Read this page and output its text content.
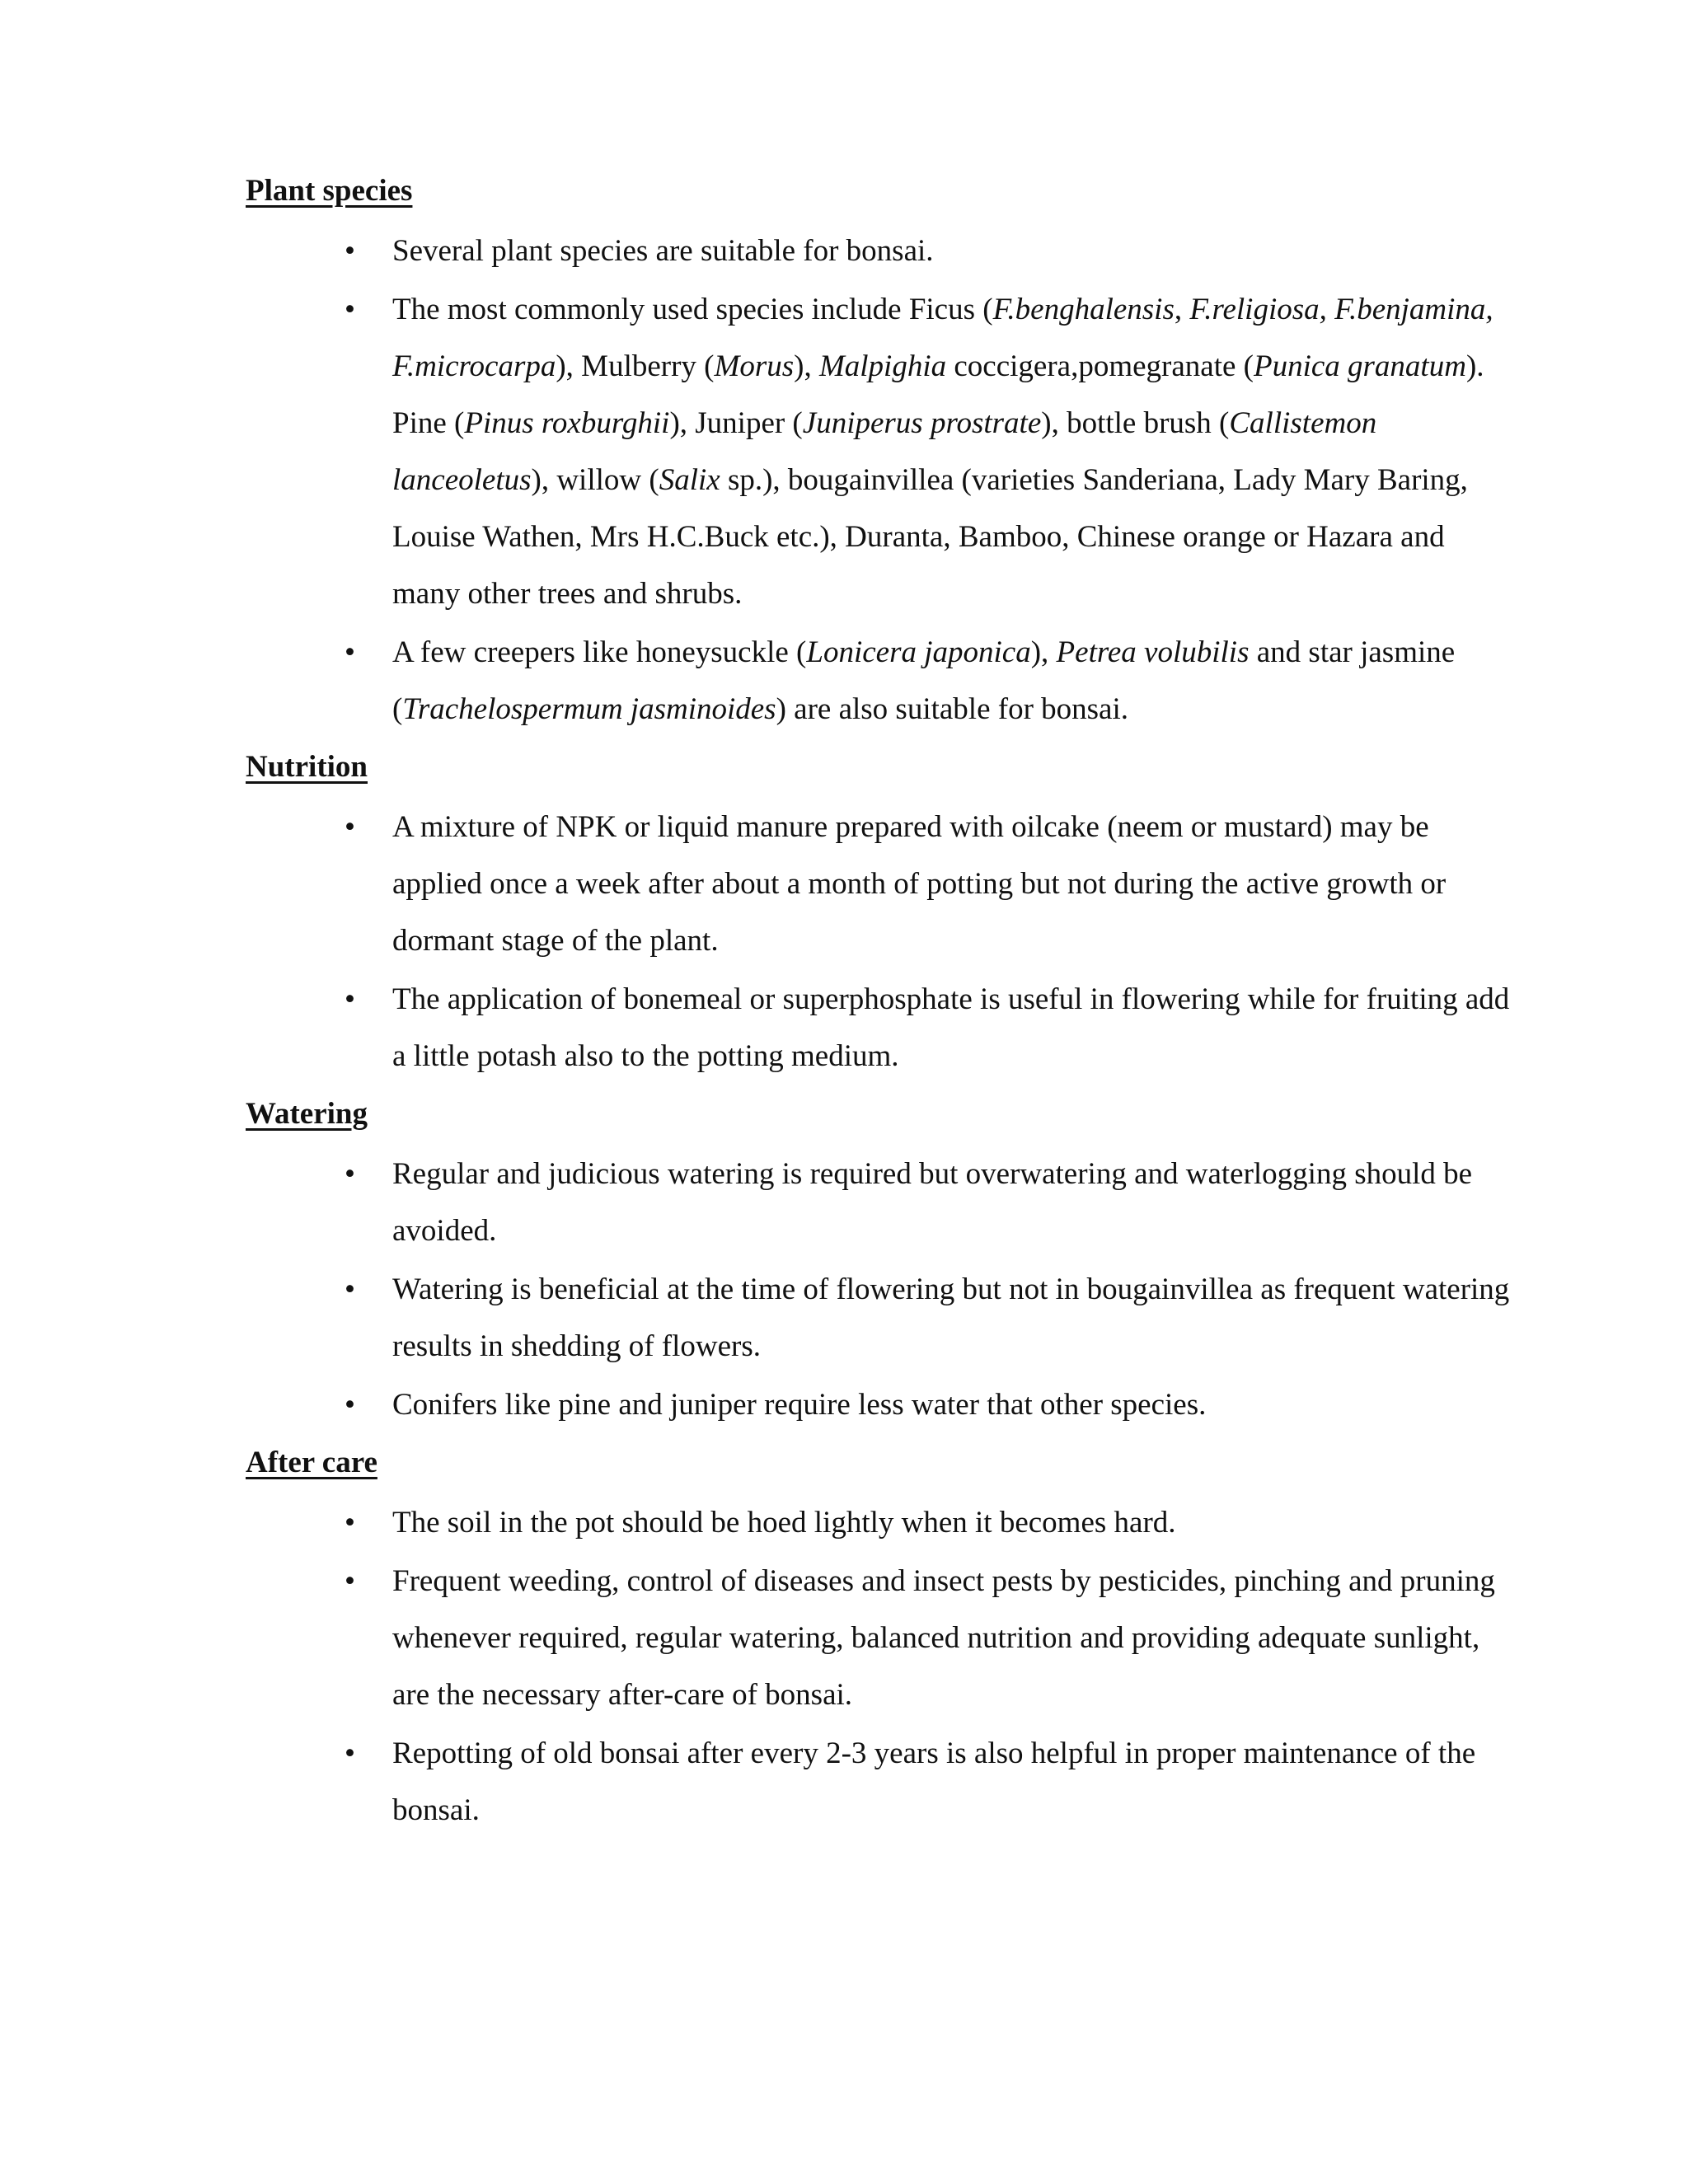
Plant species
• Several plant species are suitable for bonsai.
• The most commonly used species include Ficus (F.benghalensis, F.religiosa, F.benjamina, F.microcarpa), Mulberry (Morus), Malpighia coccigera,pomegranate (Punica granatum). Pine (Pinus roxburghii), Juniper (Juniperus prostrate), bottle brush (Callistemon lanceoletus), willow (Salix sp.), bougainvillea (varieties Sanderiana, Lady Mary Baring, Louise Wathen, Mrs H.C.Buck etc.), Duranta, Bamboo, Chinese orange or Hazara and many other trees and shrubs.
• A few creepers like honeysuckle (Lonicera japonica), Petrea volubilis and star jasmine (Trachelospermum jasminoides) are also suitable for bonsai.
Nutrition
• A mixture of NPK or liquid manure prepared with oilcake (neem or mustard) may be applied once a week after about a month of potting but not during the active growth or dormant stage of the plant.
• The application of bonemeal or superphosphate is useful in flowering while for fruiting add a little potash also to the potting medium.
Watering
• Regular and judicious watering is required but overwatering and waterlogging should be avoided.
• Watering is beneficial at the time of flowering but not in bougainvillea as frequent watering results in shedding of flowers.
• Conifers like pine and juniper require less water that other species.
After care
• The soil in the pot should be hoed lightly when it becomes hard.
• Frequent weeding, control of diseases and insect pests by pesticides, pinching and pruning whenever required, regular watering, balanced nutrition and providing adequate sunlight, are the necessary after-care of bonsai.
• Repotting of old bonsai after every 2-3 years is also helpful in proper maintenance of the bonsai.
